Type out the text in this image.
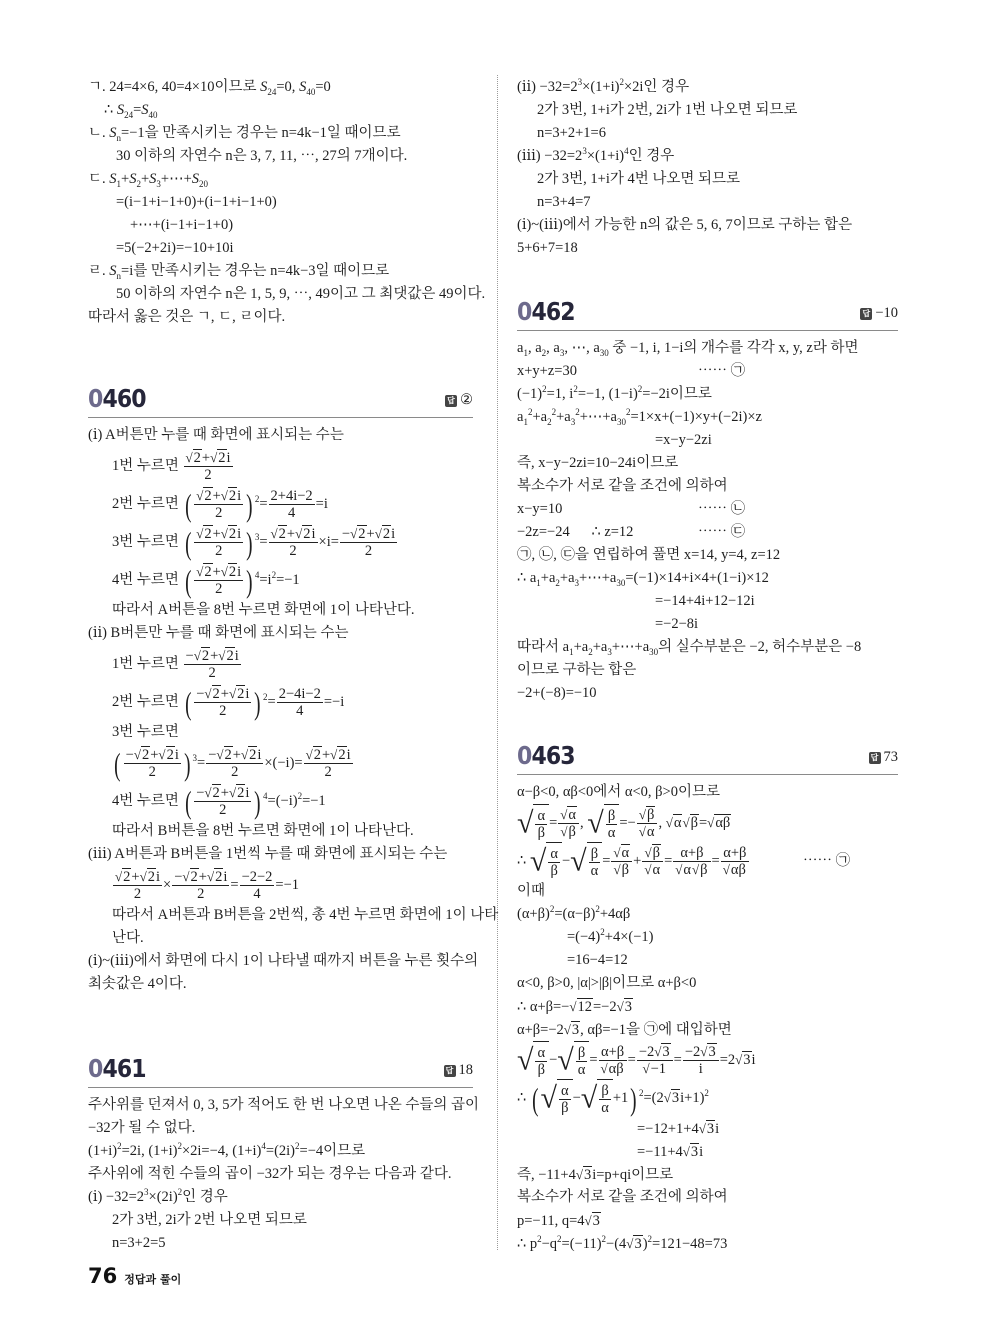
ㄱ. 24=4×6, 40=4×10이므로 $S_{24}=0$, $S_{40}=0$
∴ $S_{24}=S_{40}$
ㄴ. $S_n=-1$을 만족시키는 경우는 n=4k−1일 때이므로
30 이하의 자연수 n은 3, 7, 11, ⋯, 27의 7개이다.
ㄷ. $S_1+S_2+S_3+\cdots+S_{20}$
=(i−1+i−1+0)+(i−1+i−1+0)
+⋯+(i−1+i−1+0)
=5(−2+2i)=−10+10i
ㄹ. $S_n=i$를 만족시키는 경우는 n=4k−3일 때이므로
50 이하의 자연수 n은 1, 5, 9, ⋯, 49이고 그 최댓값은 49이다.
따라서 옳은 것은 ㄱ, ㄷ, ㄹ이다.
0460	답 ②
(ⅰ) A버튼만 누를 때 화면에 표시되는 수는
1번 누르면 $\frac{√2+√2i}{2}$
2번 누르면 ( $\frac{√2+√2i}{2}$ ) $^2= \frac{2+4i-2}{4} =i$
3번 누르면 ( $\frac{√2+√2i}{2}$ ) $^3= \frac{√2+√2i}{2} \times i= \frac{-√2+√2i}{2}$
4번 누르면 ( $\frac{√2+√2i}{2}$ ) $^4=i^2=-1$
따라서 A버튼을 8번 누르면 화면에 1이 나타난다.
(ⅱ) B버튼만 누를 때 화면에 표시되는 수는
1번 누르면 $\frac{-√2+√2i}{2}$
2번 누르면 ( $\frac{-√2+√2i}{2}$ ) $^2= \frac{2-4i-2}{4} =-i$
3번 누르면
( $\frac{-√2+√2i}{2}$ ) $^3= \frac{-√2+√2i}{2} \times(-i)= \frac{√2+√2i}{2}$
4번 누르면 ( $\frac{-√2+√2i}{2}$ ) $^4=(-i)^2=-1$
따라서 B버튼을 8번 누르면 화면에 1이 나타난다.
(ⅲ) A버튼과 B버튼을 1번씩 누를 때 화면에 표시되는 수는
$\frac{√2+√2i}{2} \times \frac{-√2+√2i}{2} = \frac{-2-2}{4} =-1$
따라서 A버튼과 B버튼을 2번씩, 총 4번 누르면 화면에 1이 나타
난다.
(ⅰ)~(ⅲ)에서 화면에 다시 1이 나타낼 때까지 버튼을 누른 횟수의
최솟값은 4이다.
0461	답 18
주사위를 던져서 0, 3, 5가 적어도 한 번 나오면 나온 수들의 곱이
−32가 될 수 없다.
$(1+i)^2=2i$, $(1+i)^2\times 2i=-4$, $(1+i)^4=(2i)^2=-4$이므로
주사위에 적힌 수들의 곱이 −32가 되는 경우는 다음과 같다.
(ⅰ) $-32=2^3\times(2i)^2$인 경우
2가 3번, 2i가 2번 나오면 되므로
n=3+2=5
(ⅱ) $-32=2^3\times(1+i)^2\times 2i$인 경우
2가 3번, 1+i가 2번, 2i가 1번 나오면 되므로
n=3+2+1=6
(ⅲ) $-32=2^3\times(1+i)^4$인 경우
2가 3번, 1+i가 4번 나오면 되므로
n=3+4=7
(ⅰ)~(ⅲ)에서 가능한 n의 값은 5, 6, 7이므로 구하는 합은
5+6+7=18
0462	답 −10
$a_1$, $a_2$, $a_3$, ⋯, $a_{30}$ 중 −1, i, 1−i의 개수를 각각 x, y, z라 하면
x+y+z=30	⋯⋯ ㉠
$(-1)^2=1$, $i^2=-1$, $(1-i)^2=-2i$이므로
$a_1^2+a_2^2+a_3^2+\cdots+a_{30}^2=1\times x+(-1)\times y+(-2i)\times z$
=x−y−2zi
즉, x−y−2zi=10−24i이므로
복소수가 서로 같을 조건에 의하여
x−y=10	⋯⋯ ㉡
−2z=−24      ∴ z=12	⋯⋯ ㉢
㉠, ㉡, ㉢을 연립하여 풀면 x=14, y=4, z=12
∴ $a_1+a_2+a_3+\cdots+a_{30}=(-1)\times 14+i\times 4+(1-i)\times 12$
=−14+4i+12−12i
=−2−8i
따라서 $a_1+a_2+a_3+\cdots+a_{30}$의 실수부분은 −2, 허수부분은 −8
이므로 구하는 합은
−2+(−8)=−10
0463	답 73
α−β<0, αβ<0에서 α<0, β>0이므로
√ $\frac{\alpha}{\beta} = \frac{√\alpha}{√\beta}$ , √ $\frac{\beta}{\alpha} =- \frac{√\beta}{√\alpha}$ , √α√β=√αβ
∴ √ $\frac{\alpha}{\beta}$ −√ $\frac{\beta}{\alpha} = \frac{√\alpha}{√\beta} + \frac{√\beta}{√\alpha} = \frac{\alpha+\beta}{√\alpha√\beta} = \frac{\alpha+\beta}{√\alpha\beta}$	⋯⋯ ㉠
이때
$(\alpha+\beta)^2=(\alpha-\beta)^2+4\alpha\beta$
$=(-4)^2+4\times(-1)$
=16−4=12
α<0, β>0, |α|>|β|이므로 α+β<0
∴ α+β=−√12=−2√3
α+β=−2√3, αβ=−1을 ㉠에 대입하면
√ $\frac{\alpha}{\beta}$ −√ $\frac{\beta}{\alpha} = \frac{\alpha+\beta}{√\alpha\beta} = \frac{-2√3}{√-1} = \frac{-2√3}{i} =2√3i$
∴ (√ $\frac{\alpha}{\beta}$ −√ $\frac{\beta}{\alpha} +1$) $^2=(2√3i+1)^2$
=−12+1+4√3i
=−11+4√3i
즉, −11+4√3i=p+qi이므로
복소수가 서로 같을 조건에 의하여
p=−11, q=4√3
∴ $p^2-q^2=(-11)^2-(4√3)^2=121-48=73$
76 정답과 풀이
